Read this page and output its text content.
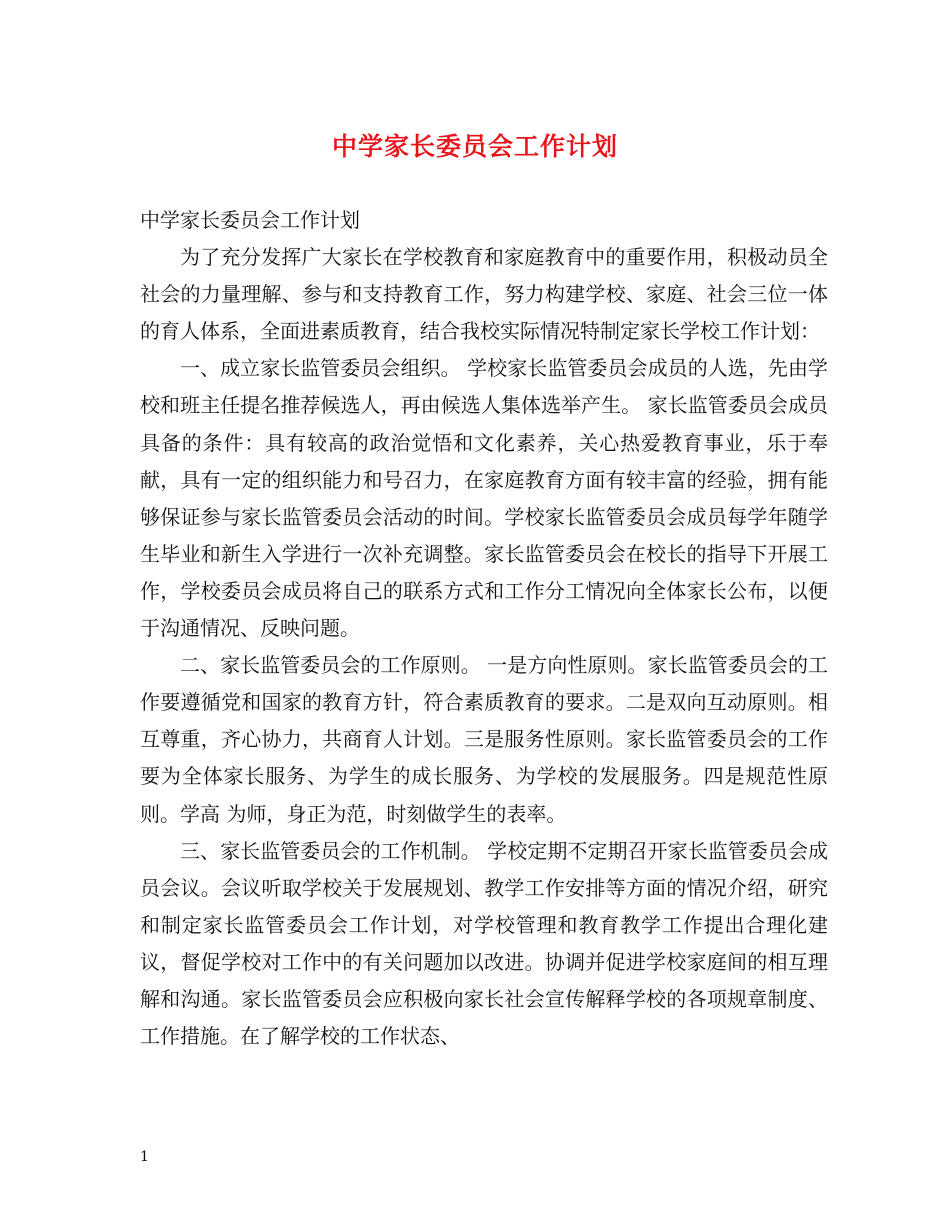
中学家长委员会工作计划

中学家长委员会工作计划

为了充分发挥广大家长在学校教育和家庭教育中的重要作用，积极动员全社会的力量理解、参与和支持教育工作，努力构建学校、家庭、社会三位一体的育人体系，全面进素质教育，结合我校实际情况特制定家长学校工作计划：

一、成立家长监管委员会组织。 学校家长监管委员会成员的人选，先由学校和班主任提名推荐候选人，再由候选人集体选举产生。 家长监管委员会成员具备的条件：具有较高的政治觉悟和文化素养，关心热爱教育事业，乐于奉献，具有一定的组织能力和号召力，在家庭教育方面有较丰富的经验，拥有能够保证参与家长监管委员会活动的时间。学校家长监管委员会成员每学年随学生毕业和新生入学进行一次补充调整。家长监管委员会在校长的指导下开展工作，学校委员会成员将自己的联系方式和工作分工情况向全体家长公布，以便于沟通情况、反映问题。

二、家长监管委员会的工作原则。 一是方向性原则。家长监管委员会的工作要遵循党和国家的教育方针，符合素质教育的要求。二是双向互动原则。相互尊重，齐心协力，共商育人计划。三是服务性原则。家长监管委员会的工作要为全体家长服务、为学生的成长服务、为学校的发展服务。四是规范性原则。学高 为师，身正为范，时刻做学生的表率。

三、家长监管委员会的工作机制。 学校定期不定期召开家长监管委员会成员会议。会议听取学校关于发展规划、教学工作安排等方面的情况介绍，研究和制定家长监管委员会工作计划，对学校管理和教育教学工作提出合理化建议，督促学校对工作中的有关问题加以改进。协调并促进学校家庭间的相互理解和沟通。家长监管委员会应积极向家长社会宣传解释学校的各项规章制度、工作措施。在了解学校的工作状态、

1
